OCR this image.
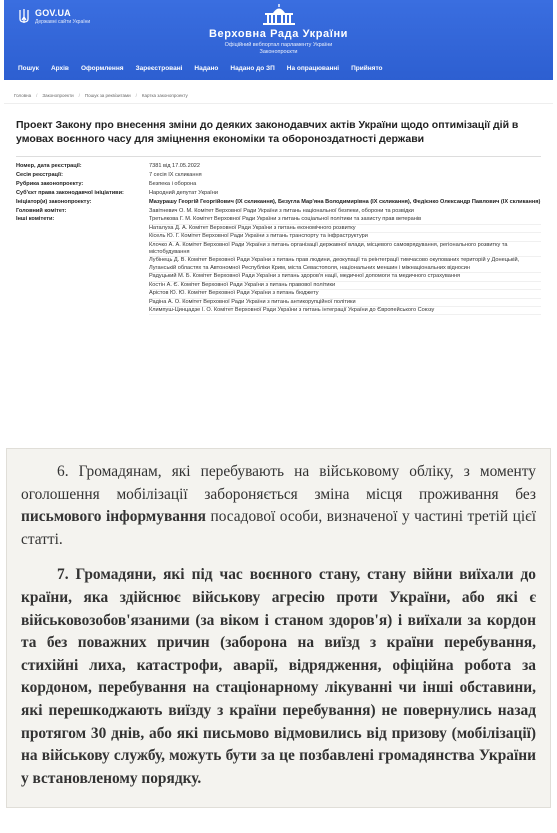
GOV.UA
Державні сайти України
Верховна Рада України
Офіційний вебпортал парламенту України
Законопроєкти
Пошук Архів Оформлення Зареєстровані Надано Надано до ЗП На опрацюванні Прийнято
Головна / Законопроекти / Пошук за реквізитами / Картка законопроекту
Проект Закону про внесення зміни до деяких законодавчих актів України щодо оптимізації дій в умовах воєнного часу для зміцнення економіки та обороноздатності держави
Номер, дата реєстрації:	7381 від 17.05.2022
Сесія реєстрації:	7 сесія IX скликання
Рубрика законопроекту:	Безпека і оборона
Суб'єкт права законодавчої ініціативи:	Народний депутат України
Ініціатор(и) законопроекту:	Мазурашу Георгій Георгійович (IX скликання), Безугла Мар'яна Володимирівна (IX скликання), Федієнко Олександр Павлович (IX скликання)
Головний комітет:	Завітневич О. М. Комітет Верховної Ради України з питань національної безпеки, оборони та розвідки
Інші комітети:	Третьякова Г. М. Комітет Верховної Ради України з питань соціальної політики та захисту прав ветеранів
Наталуха Д. А. Комітет Верховної Ради України з питань економічного розвитку
Кісель Ю. Г. Комітет Верховної Ради України з питань транспорту та інфраструктури
Клочко А. А. Комітет Верховної Ради України з питань організації державної влади, місцевого самоврядування, регіонального розвитку та містобудування
Лубінець Д. В. Комітет Верховної Ради України з питань прав людини, деокупації та реінтеграції тимчасово окупованих територій у Донецькій, Луганській областях та Автономної Республіки Крим, міста Севастополя, національних меншин і міжнаціональних відносин
Радуцький М. Б. Комітет Верховної Ради України з питань здоров'я нації, медичної допомоги та медичного страхування
Костін А. Є. Комітет Верховної Ради України з питань правової політики
Арістов Ю. Ю. Комітет Верховної Ради України з питань бюджету
Радіна А. О. Комітет Верховної Ради України з питань антикорупційної політики
Климпуш-Цинцадзе І. О. Комітет Верховної Ради України з питань інтеграції України до Європейського Союзу

6. Громадянам, які перебувають на військовому обліку, з моменту оголошення мобілізації забороняється зміна місця проживання без письмового інформування посадової особи, визначеної у частині третій цієї статті.

7. Громадяни, які під час воєнного стану, стану війни виїхали до країни, яка здійснює військову агресію проти України, або які є військовозобов'язаними (за віком і станом здоров'я) і виїхали за кордон та без поважних причин (заборона на виїзд з країни перебування, стихійні лиха, катастрофи, аварії, відрядження, офіційна робота за кордоном, перебування на стаціонарному лікуванні чи інші обставини, які перешкоджають виїзду з країни перебування) не повернулись назад протягом 30 днів, або які письмово відмовились від призову (мобілізації) на військову службу, можуть бути за це позбавлені громадянства України у встановленому порядку.
